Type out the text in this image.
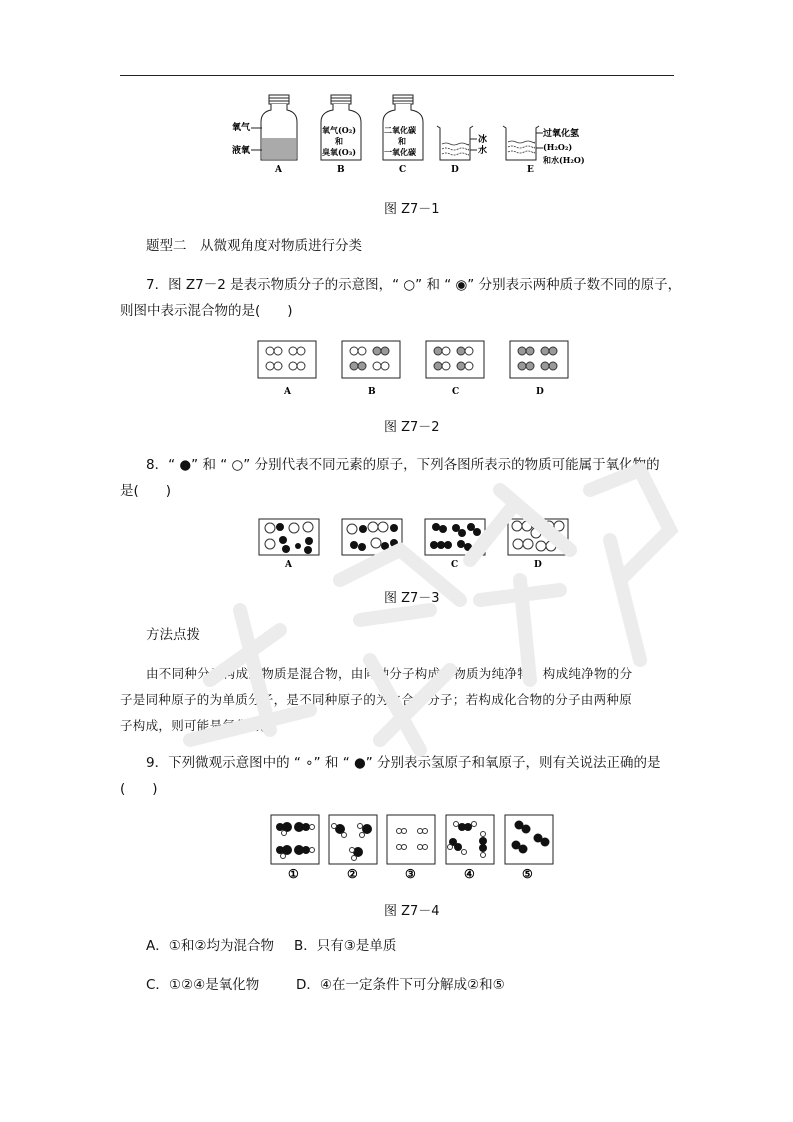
氧气
液氧
A
氧气(O₂)
和
臭氧(O₃)
B
二氧化碳
和
一氧化碳
C
冰
水
D
过氧化氢
(H₂O₂)
和水(H₂O)
E
图 Z7－1
题型二　从微观角度对物质进行分类
7．图 Z7－2 是表示物质分子的示意图，“ ○” 和 “ ◉” 分别表示两种质子数不同的原子，
则图中表示混合物的是(　　)
A	B	C	D
图 Z7－2
8．“ ●” 和 “ ○” 分别代表不同元素的原子，下列各图所表示的物质可能属于氧化物的
是(　　)
A	B	C	D
图 Z7－3
方法点拨
由不同种分子构成的物质是混合物，由同种分子构成的物质为纯净物。构成纯净物的分
子是同种原子的为单质分子，是不同种原子的为化合物分子；若构成化合物的分子由两种原
子构成，则可能是氧化物。
9．下列微观示意图中的 “ ∘” 和 “ ●” 分别表示氢原子和氧原子，则有关说法正确的是
(　　)
①	②	③	④	⑤
图 Z7－4
A．①和②均为混合物 B．只有③是单质
C．①②④是氧化物	D．④在一定条件下可分解成②和⑤
